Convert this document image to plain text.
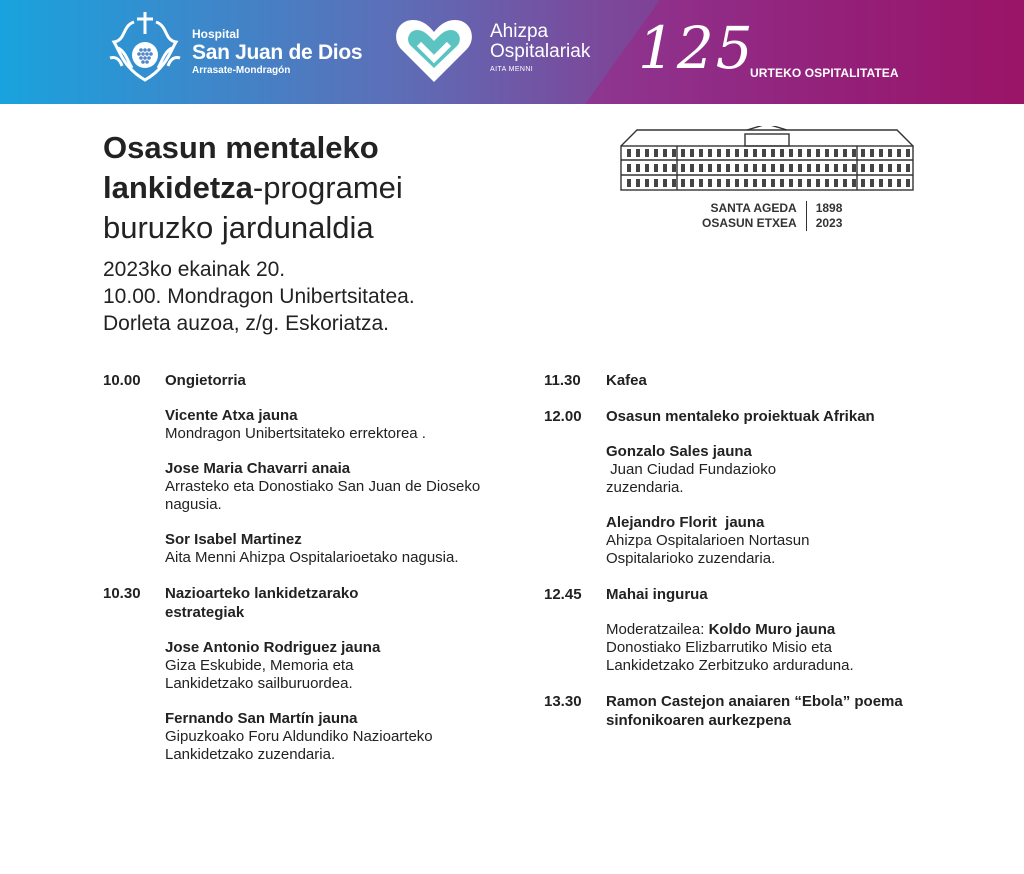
Hospital
San Juan de Dios
Arrasate-Mondragón
Ahizpa
Ospitalariak
AITA MENNI	125
URTEKO OSPITALITATEA
Osasun mentaleko
lankidetza-programei
buruzko jardunaldia
2023ko ekainak 20.
10.00. Mondragon Unibertsitatea.
Dorleta auzoa, z/g. Eskoriatza.
SANTA AGEDA
OSASUN ETXEA
1898
2023
10.00 Ongietorria
Vicente Atxa jauna
Mondragon Unibertsitateko errektorea .
Jose Maria Chavarri anaia
Arrasteko eta Donostiako San Juan de Dioseko nagusia.
Sor Isabel Martinez
Aita Menni Ahizpa Ospitalarioetako nagusia.
10.30 Nazioarteko lankidetzarako estrategiak
Jose Antonio Rodriguez jauna
Giza Eskubide, Memoria eta Lankidetzako sailburuordea.
Fernando San Martín jauna
Gipuzkoako Foru Aldundiko Nazioarteko Lankidetzako zuzendaria.
11.30 Kafea
12.00 Osasun mentaleko proiektuak Afrikan
Gonzalo Sales jauna
Juan Ciudad Fundazioko zuzendaria.
Alejandro Florit  jauna
Ahizpa Ospitalarioen Nortasun Ospitalarioko zuzendaria.
12.45 Mahai ingurua
Moderatzailea: Koldo Muro jauna
Donostiako Elizbarrutiko Misio eta Lankidetzako Zerbitzuko arduraduna.
13.30 Ramon Castejon anaiaren “Ebola” poema sinfonikoaren aurkezpena
